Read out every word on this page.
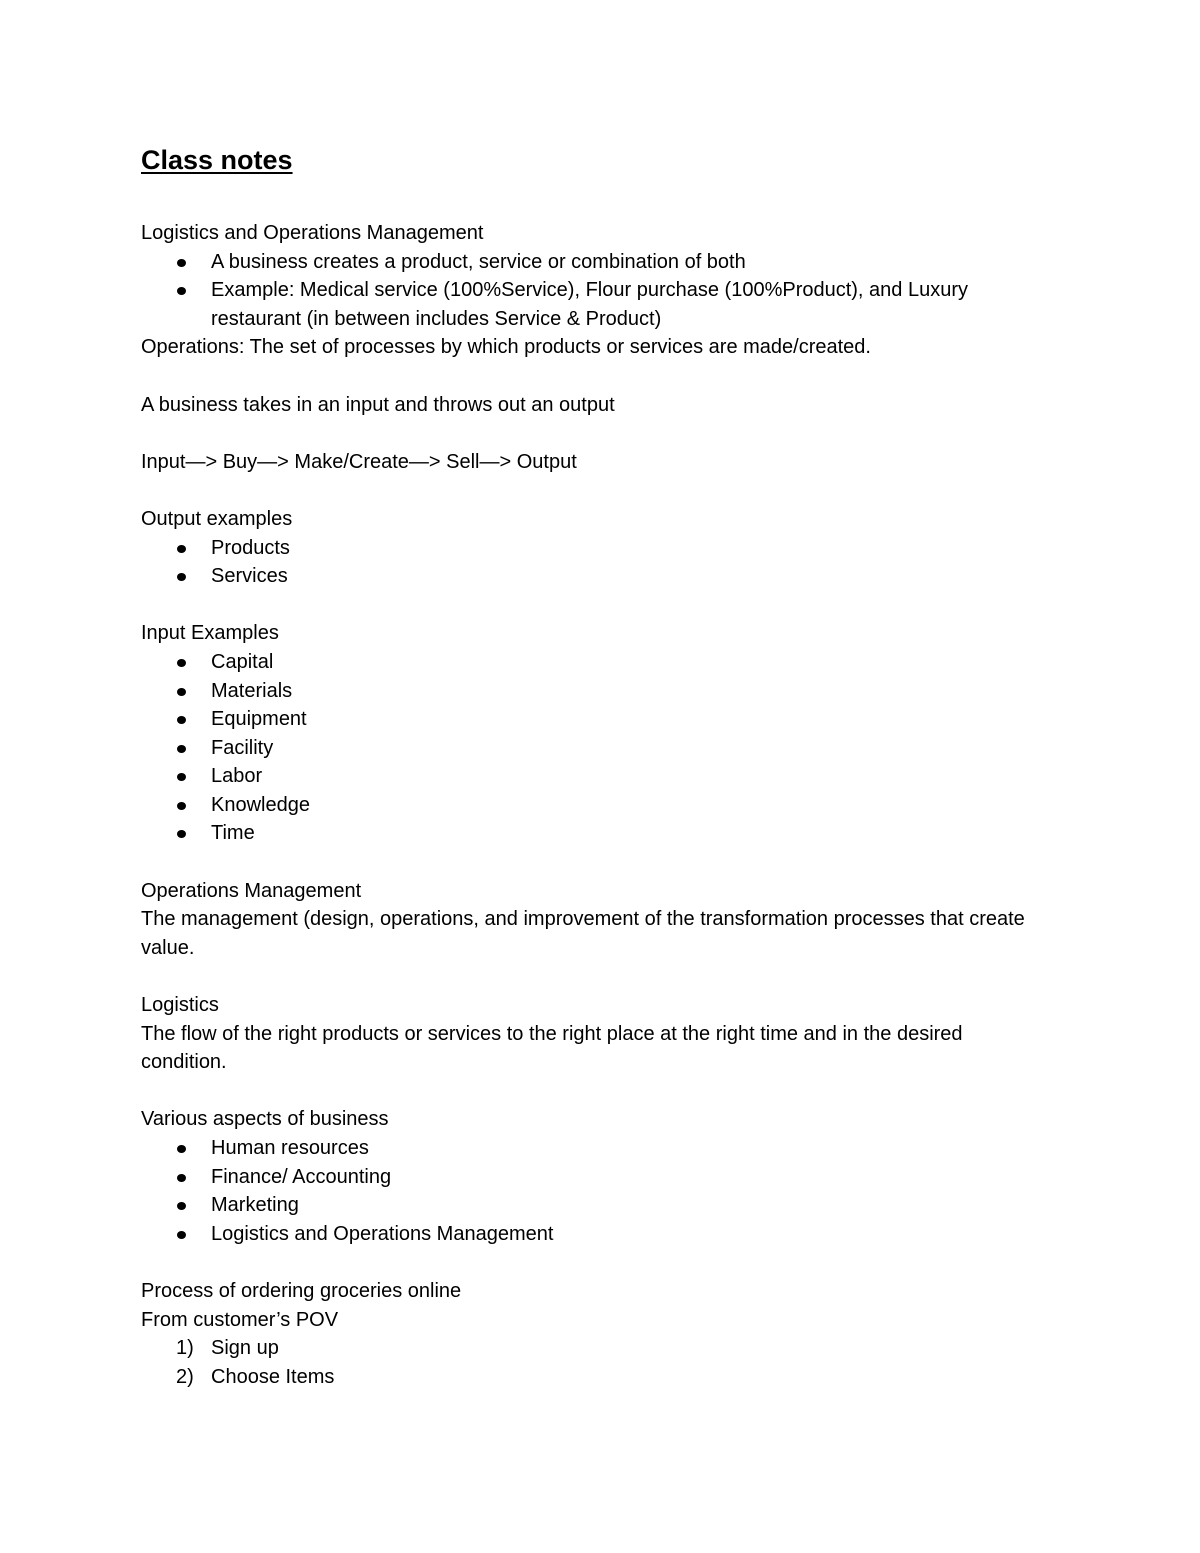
Class notes

Logistics and Operations Management

A business creates a product, service or combination of both
Example: Medical service (100%Service), Flour purchase (100%Product), and Luxury restaurant (in between includes Service & Product)

Operations: The set of processes by which products or services are made/created.

A business takes in an input and throws out an output

Input—> Buy—> Make/Create—> Sell—> Output

Output examples

Products
Services

Input Examples

Capital
Materials
Equipment
Facility
Labor
Knowledge
Time

Operations Management

The management (design, operations, and improvement of the transformation processes that create value.

Logistics

The flow of the right products or services to the right place at the right time and in the desired condition.

Various aspects of business

Human resources
Finance/ Accounting
Marketing
Logistics and Operations Management

Process of ordering groceries online

From customer’s POV

1) Sign up
2) Choose Items
